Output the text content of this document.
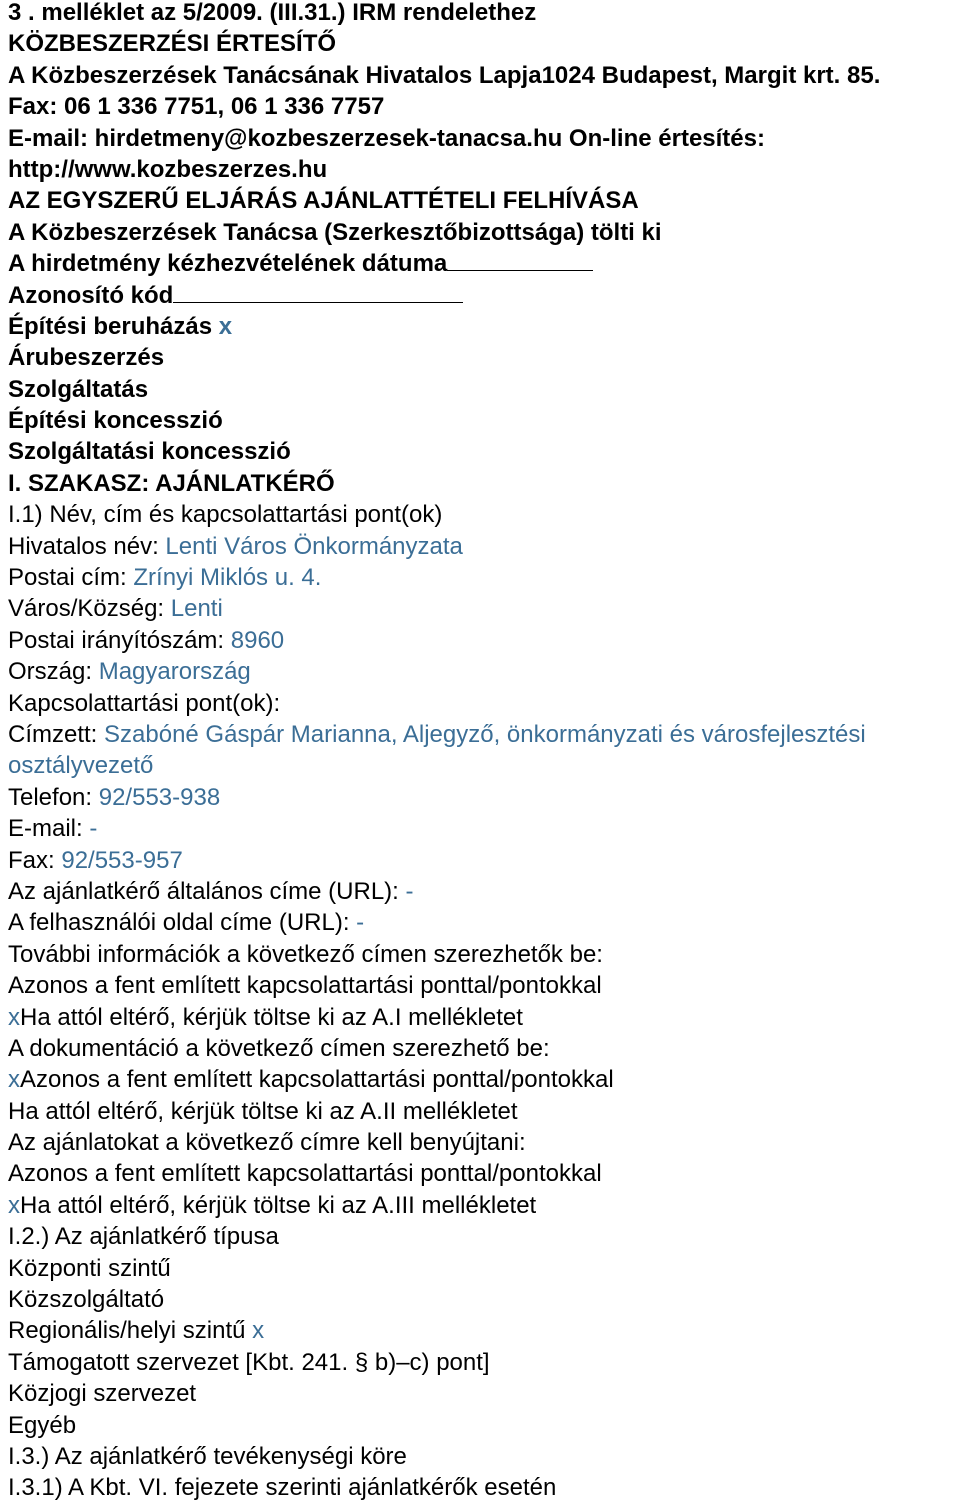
3 . melléklet az 5/2009. (III.31.) IRM rendelethez
KÖZBESZERZÉSI ÉRTESÍTŐ
A Közbeszerzések Tanácsának Hivatalos Lapja1024 Budapest, Margit krt. 85.
Fax: 06 1 336 7751, 06 1 336 7757
E-mail: hirdetmeny@kozbeszerzesek-tanacsa.hu On-line értesítés:
http://www.kozbeszerzes.hu
AZ EGYSZERŰ ELJÁRÁS AJÁNLATTÉTELI FELHÍVÁSA
A Közbeszerzések Tanácsa (Szerkesztőbizottsága) tölti ki
A hirdetmény kézhezvételének dátuma
Azonosító kód
Építési beruházás x
Árubeszerzés
Szolgáltatás
Építési koncesszió
Szolgáltatási koncesszió
I. SZAKASZ: AJÁNLATKÉRŐ
I.1) Név, cím és kapcsolattartási pont(ok)
Hivatalos név: Lenti Város Önkormányzata
Postai cím: Zrínyi Miklós u. 4.
Város/Község: Lenti
Postai irányítószám: 8960
Ország: Magyarország
Kapcsolattartási pont(ok):
Címzett: Szabóné Gáspár Marianna, Aljegyző, önkormányzati és városfejlesztési osztályvezető
Telefon: 92/553-938
E-mail: -
Fax: 92/553-957
Az ajánlatkérő általános címe (URL): -
A felhasználói oldal címe (URL): -
További információk a következő címen szerezhetők be:
Azonos a fent említett kapcsolattartási ponttal/pontokkal
xHa attól eltérő, kérjük töltse ki az A.I mellékletet
A dokumentáció a következő címen szerezhető be:
xAzonos a fent említett kapcsolattartási ponttal/pontokkal
Ha attól eltérő, kérjük töltse ki az A.II mellékletet
Az ajánlatokat a következő címre kell benyújtani:
Azonos a fent említett kapcsolattartási ponttal/pontokkal
xHa attól eltérő, kérjük töltse ki az A.III mellékletet
I.2.) Az ajánlatkérő típusa
Központi szintű
Közszolgáltató
Regionális/helyi szintű x
Támogatott szervezet [Kbt. 241. § b)–c) pont]
Közjogi szervezet
Egyéb
I.3.) Az ajánlatkérő tevékenységi köre
I.3.1) A Kbt. VI. fejezete szerinti ajánlatkérők esetén
